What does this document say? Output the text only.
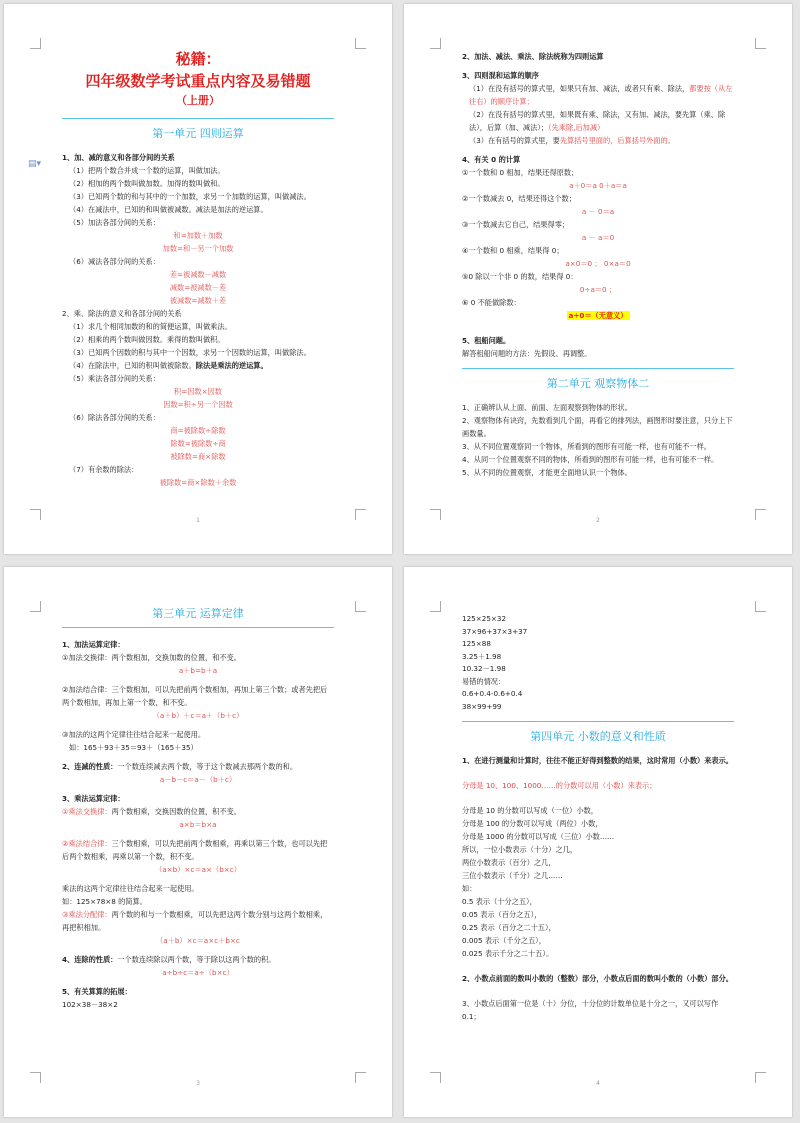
▤▾
秘籍：
四年级数学考试重点内容及易错题
（上册）
第一单元 四则运算
1、加、减的意义和各部分间的关系
（1）把两个数合并成一个数的运算，叫做加法。
（2）相加的两个数叫做加数。加得的数叫做和。
（3）已知两个数的和与其中的一个加数，求另一个加数的运算，叫做减法。
（4）在减法中，已知的和叫做被减数。减法是加法的逆运算。
（5）加法各部分间的关系：
和=加数＋加数
加数=和－另一个加数
（6）减法各部分间的关系：
差=被减数－减数
减数=被减数－差
被减数=减数＋差
2、乘、除法的意义和各部分间的关系
（1）求几个相同加数的和的简便运算，叫做乘法。
（2）相乘的两个数叫做因数。乘得的数叫做积。
（3）已知两个因数的积与其中一个因数，求另一个因数的运算，叫做除法。
（4）在除法中，已知的积叫做被除数。除法是乘法的逆运算。
（5）乘法各部分间的关系：
积=因数×因数
因数=积÷另一个因数
（6）除法各部分间的关系：
商=被除数÷除数
除数=被除数÷商
被除数=商×除数
（7）有余数的除法：
被除数=商×除数＋余数
1
2、加法、减法、乘法、除法统称为四则运算
3、四则混和运算的顺序
（1）在没有括号的算式里，如果只有加、减法，或者只有乘、除法，都要按（从左往右）的顺序计算；
（2）在没有括号的算式里，如果既有乘、除法，又有加、减法，要先算（乘、除法），后算（加、减法）；（先乘除,后加减）
（3）在有括号的算式里，要先算括号里面的，后算括号外面的。
4、有关 0 的计算
①一个数和 0 相加，结果还得原数；
a＋0＝a 0＋a＝a
②一个数减去 0，结果还得这个数；
a － 0＝a
③一个数减去它自己，结果得零；
a － a＝0
④一个数和 0 相乘，结果得 0；
a×0＝0 ； 0×a＝0
⑤0 除以一个非 0 的数，结果得 0：
0÷a＝0 ；
⑥ 0 不能做除数：
a÷0＝（无意义）
5、租船问题。
解答租船问题的方法：先假设、再调整。
第二单元 观察物体二
1、正确辨认从上面、前面、左面观察到物体的形状。
2、观察物体有诀窍，先数看到几个面，再看它的排列法，画图形时要注意，只分上下画数量。
3、从不同位置观察同一个物体，所看到的图形有可能一样，也有可能不一样。
4、从同一个位置观察不同的物体，所看到的图形有可能一样，也有可能不一样。
5、从不同的位置观察，才能更全面地认识一个物体。
2
第三单元 运算定律
1、加法运算定律：
①加法交换律：两个数相加，交换加数的位置，和不变。
a＋b=b＋a
②加法结合律：三个数相加，可以先把前两个数相加，再加上第三个数；或者先把后两个数相加，再加上第一个数，和不变。
（a＋b）＋c＝a＋（b＋c）
③加法的这两个定律往往结合起来一起使用。
如：165＋93＋35＝93＋（165＋35）
2、连减的性质：一个数连续减去两个数，等于这个数减去那两个数的和。
a－b－c＝a－（b＋c）
3、乘法运算定律：
①乘法交换律：两个数相乘，交换因数的位置，积不变。
a×b＝b×a
②乘法结合律：三个数相乘，可以先把前两个数相乘，再乘以第三个数，也可以先把后两个数相乘，再乘以第一个数，积不变。
（a×b）×c＝a×（b×c）
乘法的这两个定律往往结合起来一起使用。
如：125×78×8 的简算。
③乘法分配律：两个数的和与一个数相乘，可以先把这两个数分别与这两个数相乘，再把积相加。
（a＋b）×c＝a×c＋b×c
4、连除的性质：一个数连续除以两个数，等于除以这两个数的积。
a÷b÷c＝a÷（b×c）
5、有关算算的拓展：
102×38－38×2
3
125×25×32
37×96+37×3+37
125×88
3.25＋1.98
10.32－1.98
易错的情况：
0.6+0.4-0.6+0.4
38×99+99
第四单元 小数的意义和性质
1、在进行测量和计算时，往往不能正好得到整数的结果，这时常用（小数）来表示。
分母是 10、100、1000……的分数可以用（小数）来表示；
分母是 10 的分数可以写成（一位）小数，
分母是 100 的分数可以写成（两位）小数，
分母是 1000 的分数可以写成（三位）小数……
所以，一位小数表示（十分）之几，
两位小数表示（百分）之几，
三位小数表示（千分）之几……
如：
0.5 表示（十分之五），
0.05 表示（百分之五），
0.25 表示（百分之二十五），
0.005 表示（千分之五），
0.025 表示千分之二十五）。
2、小数点前面的数叫小数的（整数）部分，小数点后面的数叫小数的（小数）部分。
3、小数点后面第一位是（十）分位，十分位的计数单位是十分之一，又可以写作 0.1；
4
